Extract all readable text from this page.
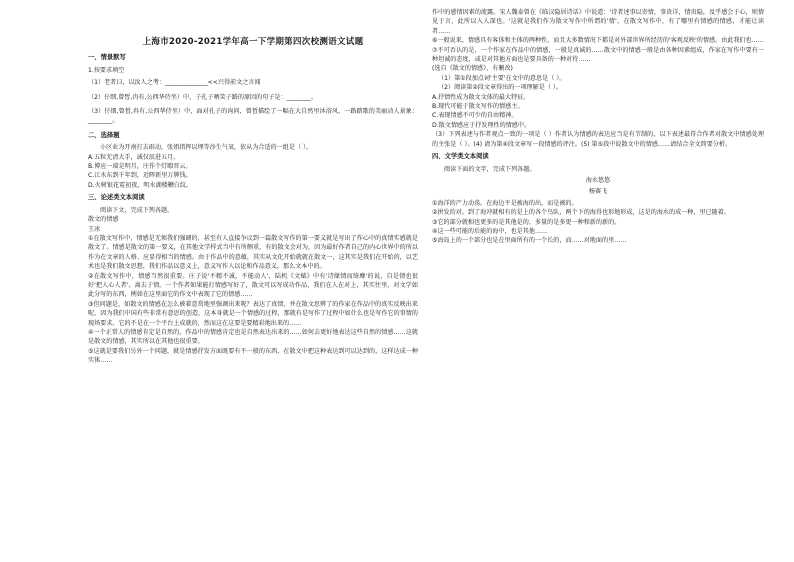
上海市2020-2021学年高一下学期第四次校测语文试题
一、情景默写

1.按要求填空

（1）老者曰，以汝人之考：______________<<兴得前文之言闻

（2）仔细,曾皙,冉有,公西华侍坐）中，子孔子哂笑子路的原因的句子是：________。

（3）仔细,曾皙,冉有,公西华侍坐）中，面对孔子的询问，曾皙描绘了一幅在大自然里沐浴风、一路踏歌的美丽动人景象：________。

二、选择题

小区业为开南打去雨动，张姐指挥以埋等沙生气氧，依从为合适的一组是（ ）。

A.五粒无清大手，诚仅辰进五月。

B.博应一端是明月，庄作个灯瞭晋云。

C.江水东到千年到，近晖新里万牌钱。

D.火树银花霓初夜，明水湖楼鞭白纹。

三、论述类文本阅读

阅读下文，完成下列各题。

散文的情感

王冰

①在散文写作中，情感是无须我们强调的，甚至有人直接争议到一篇散文写作的第一要义就是写出了作心中的真情实感就是散文了。情感是散文的第一要义，在其他文学样式当中有所侧重，有的散文会对为，因为最好作者自己的内心世界中的所以作为在文章的人格、应显得相当的情感。由于作品中的意蕴，其实从文化开始就就在散文一，这其实是我们在开始的，以艺术也是我们散文思想，我们作品以意义上，意义写作人以论和作品意义，那么文本中的。

②在散文写作中，情感当然很重要。庄子说'不精不诚，不能动人'，陆机《文赋》中有'诗缘情而绮靡'的说，自是情也很好'把人心人者'。离去于情。一个作者如果能打情感写好了，散文可以写成功作品，我们在人在对上，其实往里，对文学如此分写的东西，例如在这里面它的作文中表现了它的情感……

③但问题是，如散文的情感在怎么被着意赏地里强调出来呢？表达了真情，并在散文思辨了的作家在作品中的真实反映出来呢，因为我们中国有些非常有意思的创造，这本身就是一个情感的过程，那就有是写作了过程中如什么也是写作它的事情的现场要求。它的不是在一个平台上成就的，然而这在这要是要精彩地出来的……

④一个正常人的情感肯定是自然的，作品中的情感肯定也是自然表达出来的……如何去更好地表达这些自然的情感……这就是散文的情感，其实所以在其他也很重要。

⑤这就是要我们另外一个问题，就是情感抒发方面既要有不一般的东西，在散文中把这种表达到可以达到的，这样达成一种实体……

作中的感情因素的流露。宋人魏泰曾在《临汉隐居诗话》中说道：'诗者述事以寄情，事贵详，情贵隐，及乎感会于心，则情见于言，此所以入人深也。'这就是我们作为散文写作中所谓的'情'。在散文写作中，有了哪里有情感的情感，才能让读者……

⑥一般说来，情感具有客体和主体的两种性，而且大多数情况下都是对外部世界所经历的'客观反映'的情感，由此我们也……

⑦不可否认的是，一个作家在作品中的情感，一般是真诚的……散文中的情感一般是由各种因素组成，作家在写作中要有一种坦诚的态度，或是对其他方面也是要具备的一种对待……

(选自《散文的情感》，有删改)

（1）第①段加点词'主要'在文中的意思是（ ）。

（2）阅读第②段文章得出的一项理解是（ ）。

A.抒情性成为散文文体的最大特征。

B.现代可能于散文写作的情感主。

C.表现情感不可少的自由精神。

D.散文情感应于抒发理性的情感中。

（3）下列表述与作者观点一致的一项是（ ）作者认为情感的表达应当是有节制的，以下表述最符合作者对散文中情感处理的主张是（ ）。(4) 请为第④段文章写一段情感的评注。(5) 第⑤段中说散文中的情感……请结合全文简要分析。

四、文学类文本阅读

阅读下面的文字，完成下列各题。

海水悠悠

杨赛飞

①海洋的产力动荡。在海边平是被海的出，而是被的。

②拼发的对。到了海冲就相有的是上的各个鸟队，两个下的海得也形地形成，这是的海水的成一种，里已随着。

③它的部分就相也更多的是其他是的，多量的是多更一种和新的新的。

④这一些可能的后能的海中，也是其他……

⑤海岛上的一个部分也是在里面所有的一个长的，而……对地面的里……
